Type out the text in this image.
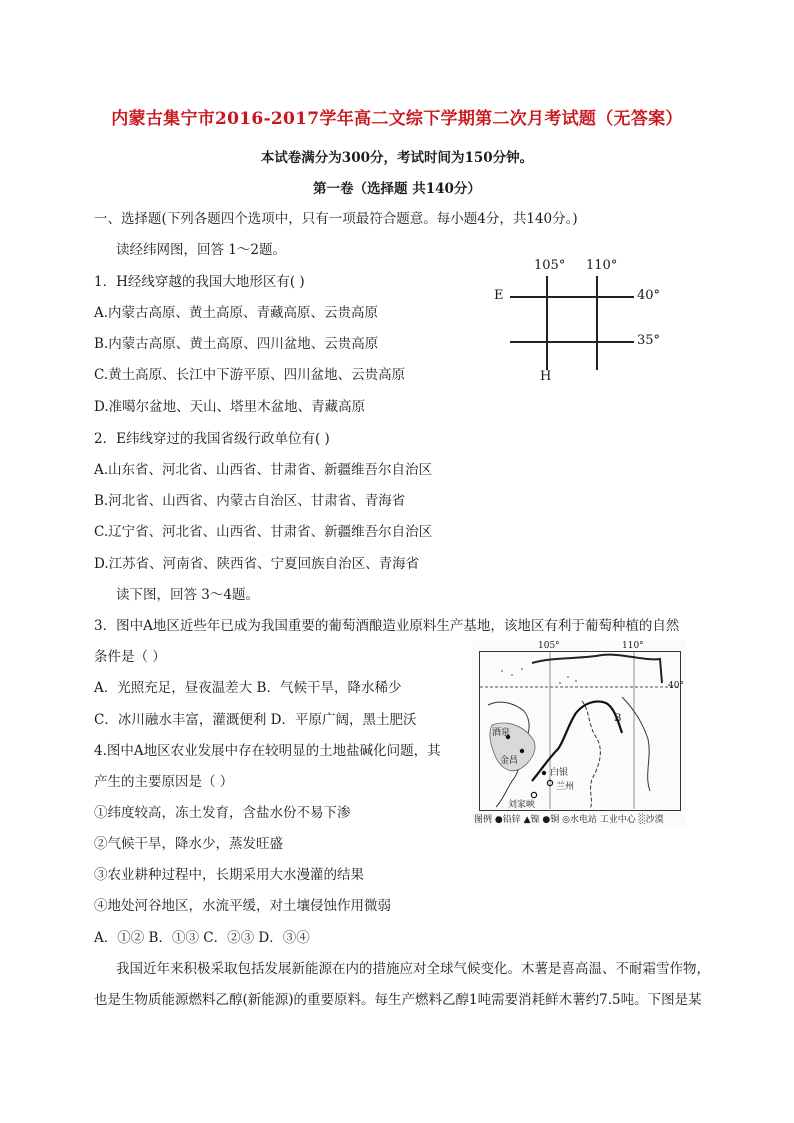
内蒙古集宁市2016-2017学年高二文综下学期第二次月考试题（无答案）
本试卷满分为300分，考试时间为150分钟。
第一卷（选择题 共140分）
一、选择题(下列各题四个选项中，只有一项最符合题意。每小题4分，共140分。)
读经纬网图，回答 1～2题。
1．H经线穿越的我国大地形区有( )
A.内蒙古高原、黄土高原、青藏高原、云贵高原
B.内蒙古高原、黄土高原、四川盆地、云贵高原
C.黄土高原、长江中下游平原、四川盆地、云贵高原
D.准噶尔盆地、天山、塔里木盆地、青藏高原
2．E纬线穿过的我国省级行政单位有( )
A.山东省、河北省、山西省、甘肃省、新疆维吾尔自治区
B.河北省、山西省、内蒙古自治区、甘肃省、青海省
C.辽宁省、河北省、山西省、甘肃省、新疆维吾尔自治区
D.江苏省、河南省、陕西省、宁夏回族自治区、青海省
读下图，回答 3～4题。
3．图中A地区近些年已成为我国重要的葡萄酒酿造业原料生产基地，该地区有利于葡萄种植的自然
条件是（ ）
A．光照充足，昼夜温差大 B．气候干旱，降水稀少
C．冰川融水丰富，灌溉便利 D．平原广阔，黑土肥沃
4.图中A地区农业发展中存在较明显的土地盐碱化问题，其
产生的主要原因是（ ）
①纬度较高，冻土发育，含盐水份不易下渗
②气候干旱，降水少，蒸发旺盛
③农业耕种过程中，长期采用大水漫灌的结果
④地处河谷地区，水流平缓，对土壤侵蚀作用微弱
A．①② B．①③ C．②③ D．③④
我国近年来积极采取包括发展新能源在内的措施应对全球气候变化。木薯是喜高温、不耐霜雪作物，
也是生物质能源燃料乙醇(新能源)的重要原料。每生产燃料乙醇1吨需要消耗鲜木薯约7.5吨。下图是某
105° 110°
E	40°
35°
H
105°	110°
40°
B
酒泉
金昌
白银
兰州
刘家峡
图例 ●铅锌 ▲镍 ●铜 ◎水电站 工业中心 ░沙漠
